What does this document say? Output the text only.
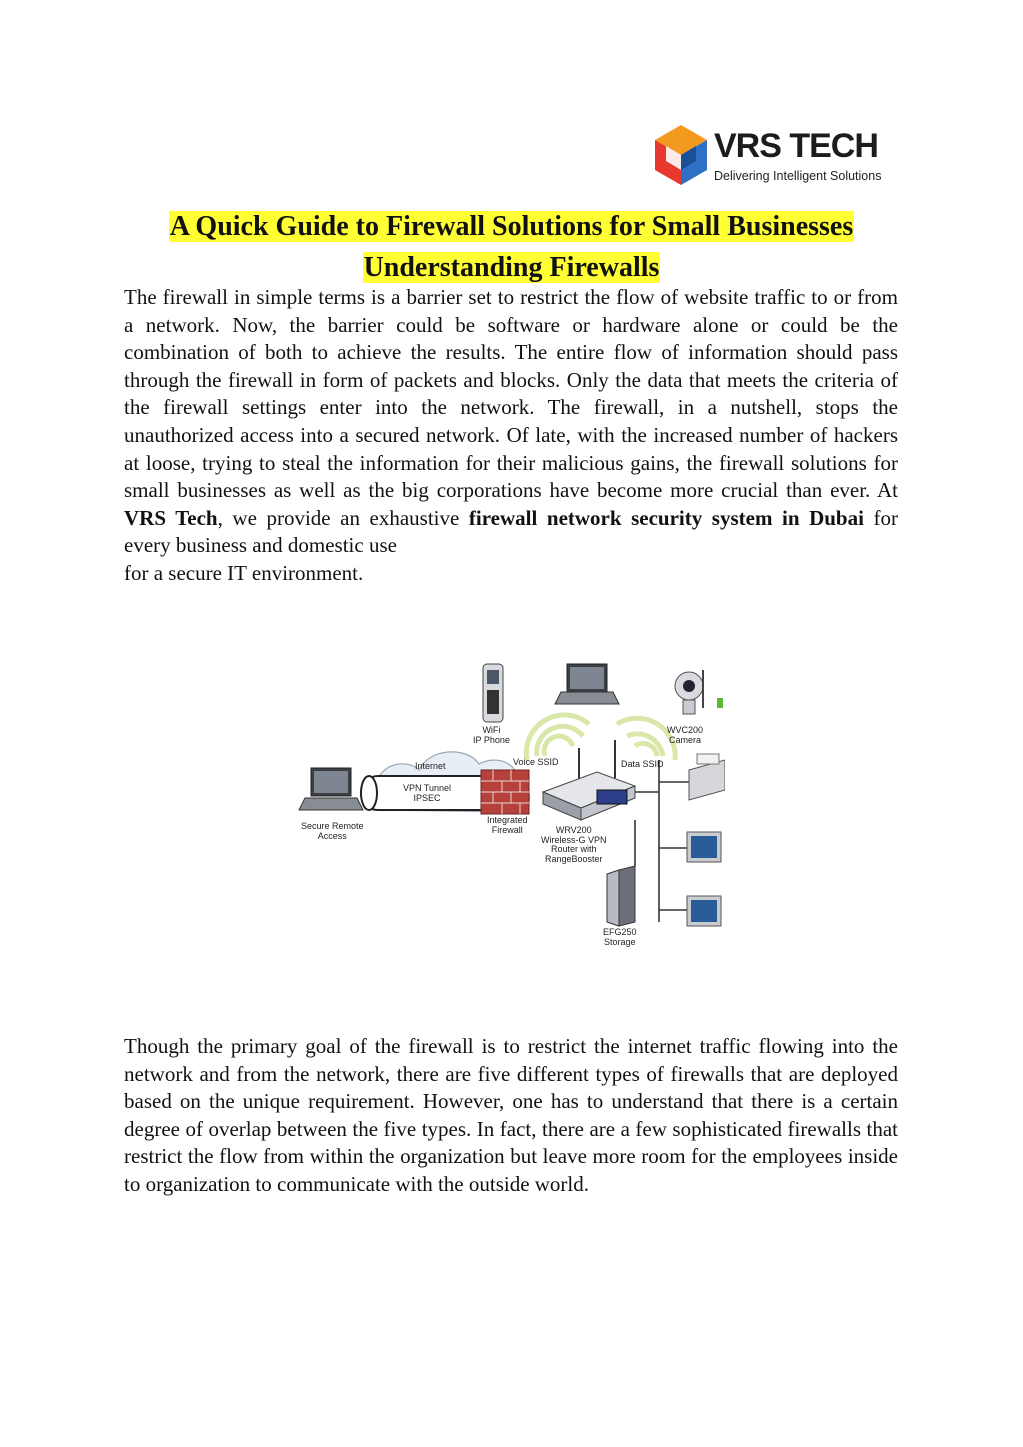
VRS TECH
Delivering Intelligent Solutions
A Quick Guide to Firewall Solutions for Small Businesses
Understanding Firewalls
The firewall in simple terms is a barrier set to restrict the flow of website traffic to or from a network. Now, the barrier could be software or hardware alone or could be the combination of both to achieve the results. The entire flow of information should pass through the firewall in form of packets and blocks. Only the data that meets the criteria of the firewall settings enter into the network. The firewall, in a nutshell, stops the unauthorized access into a secured network. Of late, with the increased number of hackers at loose, trying to steal the information for their malicious gains, the firewall solutions for small businesses as well as the big corporations have become more crucial than ever. At VRS Tech, we provide an exhaustive firewall network security system in Dubai for every business and domestic use
for a secure IT environment.
WiFi
IP Phone
WVC200
Camera
Internet
VPN Tunnel
IPSEC
Voice SSID	Data SSID
Secure Remote
Access
Integrated
Firewall	WRV200
Wireless-G VPN
Router with
RangeBooster
EFG250
Storage
Though the primary goal of the firewall is to restrict the internet traffic flowing into the network and from the network, there are five different types of firewalls that are deployed based on the unique requirement. However, one has to understand that there is a certain degree of overlap between the five types. In fact, there are a few sophisticated firewalls that restrict the flow from within the organization but leave more room for the employees inside to organization to communicate with the outside world.
